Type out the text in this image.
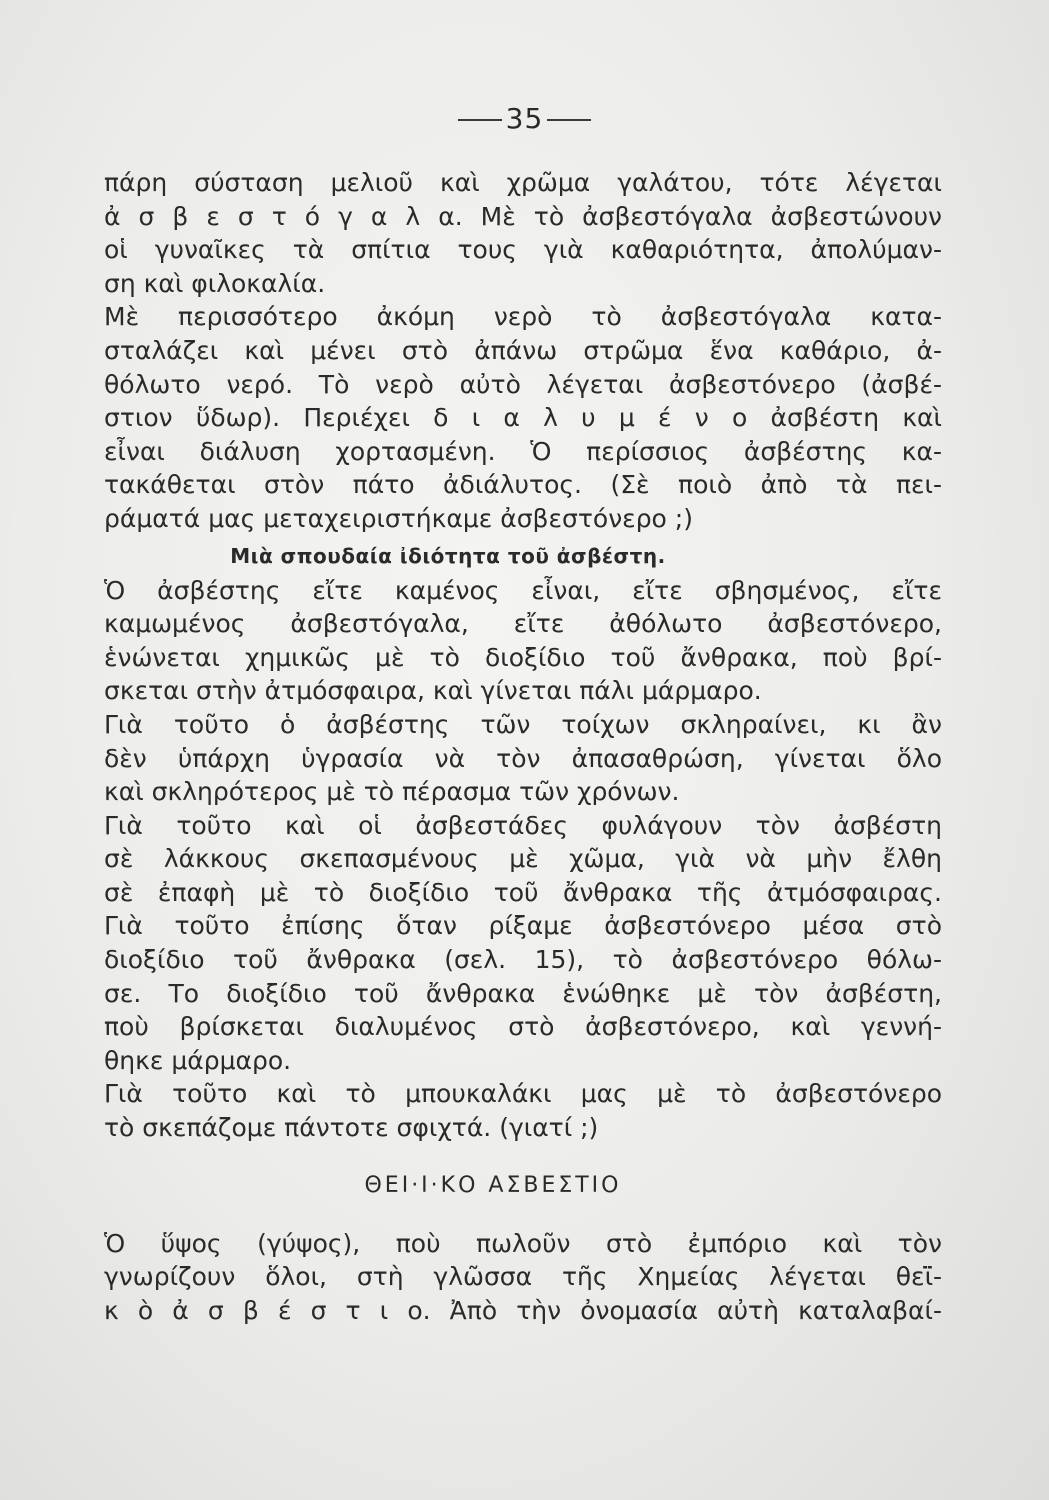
35
πάρη σύσταση μελιοῦ καὶ χρῶμα γαλάτου, τότε λέγεται
ἀ σ β ε σ τ ό γ α λ α. Μὲ τὸ ἀσβεστόγαλα ἀσβεστώνουν
οἱ γυναῖκες τὰ σπίτια τους γιὰ καθαριότητα, ἀπολύμαν-
ση καὶ φιλοκαλία.
Μὲ περισσότερο ἀκόμη νερὸ τὸ ἀσβεστόγαλα κατα-
σταλάζει καὶ μένει στὸ ἀπάνω στρῶμα ἕνα καθάριο, ἀ-
θόλωτο νερό. Τὸ νερὸ αὐτὸ λέγεται ἀσβεστόνερο (ἀσβέ-
στιον ὕδωρ). Περιέχει δ ι α λ υ μ έ ν ο ἀσβέστη καὶ
εἶναι διάλυση χορτασμένη. Ὁ περίσσιος ἀσβέστης κα-
τακάθεται στὸν πάτο ἀδιάλυτος. (Σὲ ποιὸ ἀπὸ τὰ πει-
ράματά μας μεταχειριστήκαμε ἀσβεστόνερο ;)
Μιὰ σπουδαία ἰδιότητα τοῦ ἀσβέστη.
Ὁ ἀσβέστης εἴτε καμένος εἶναι, εἴτε σβησμένος, εἴτε
καμωμένος ἀσβεστόγαλα, εἴτε ἀθόλωτο ἀσβεστόνερο,
ἑνώνεται χημικῶς μὲ τὸ διοξίδιο τοῦ ἄνθρακα, ποὺ βρί-
σκεται στὴν ἀτμόσφαιρα, καὶ γίνεται πάλι μάρμαρο.
Γιὰ τοῦτο ὁ ἀσβέστης τῶν τοίχων σκληραίνει, κι ἂν
δὲν ὑπάρχη ὑγρασία νὰ τὸν ἀπασαθρώση, γίνεται ὅλο
καὶ σκληρότερος μὲ τὸ πέρασμα τῶν χρόνων.
Γιὰ τοῦτο καὶ οἱ ἀσβεστάδες φυλάγουν τὸν ἀσβέστη
σὲ λάκκους σκεπασμένους μὲ χῶμα, γιὰ νὰ μὴν ἔλθη
σὲ ἐπαφὴ μὲ τὸ διοξίδιο τοῦ ἄνθρακα τῆς ἀτμόσφαιρας.
Γιὰ τοῦτο ἐπίσης ὅταν ρίξαμε ἀσβεστόνερο μέσα στὸ
διοξίδιο τοῦ ἄνθρακα (σελ. 15), τὸ ἀσβεστόνερο θόλω-
σε. Το διοξίδιο τοῦ ἄνθρακα ἑνώθηκε μὲ τὸν ἀσβέστη,
ποὺ βρίσκεται διαλυμένος στὸ ἀσβεστόνερο, καὶ γεννή-
θηκε μάρμαρο.
Γιὰ τοῦτο καὶ τὸ μπουκαλάκι μας μὲ τὸ ἀσβεστόνερο
τὸ σκεπάζομε πάντοτε σφιχτά. (γιατί ;)
ΘΕΙ·Ι·ΚΟ ΑΣΒΕΣΤΙΟ
Ὁ ὕψος (γύψος), ποὺ πωλοῦν στὸ ἐμπόριο καὶ τὸν
γνωρίζουν ὅλοι, στὴ γλῶσσα τῆς Χημείας λέγεται θεϊ̈-
κ ὸ ἀ σ β έ σ τ ι ο. Ἀπὸ τὴν ὀνομασία αὐτὴ καταλαβαί-
